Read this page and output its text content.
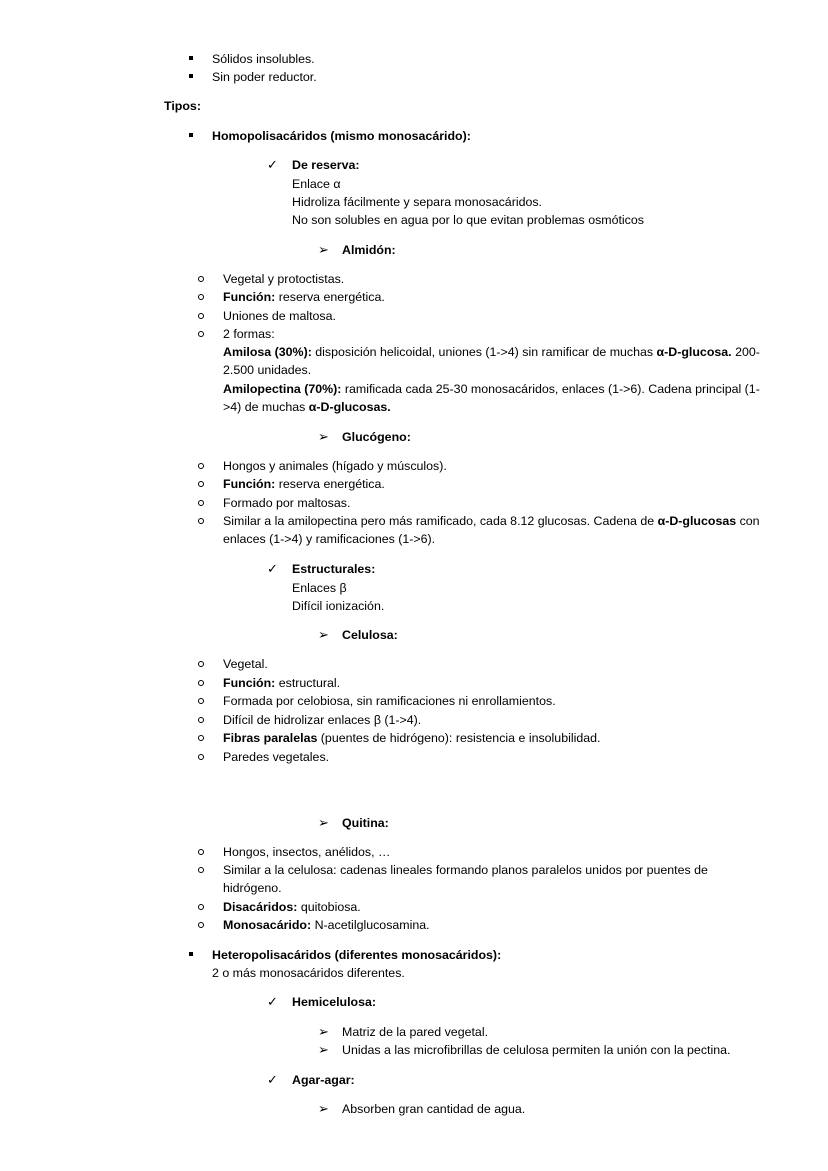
Sólidos insolubles.
Sin poder reductor.
Tipos:
Homopolisacáridos (mismo monosacárido):
✓ De reserva:
Enlace α
Hidroliza fácilmente y separa monosacáridos.
No son solubles en agua por lo que evitan problemas osmóticos
➢ Almidón:
Vegetal y protoctistas.
Función: reserva energética.
Uniones de maltosa.
2 formas:
Amilosa (30%): disposición helicoidal, uniones (1->4) sin ramificar de muchas α-D-glucosa. 200-2.500 unidades.
Amilopectina (70%): ramificada cada 25-30 monosacáridos, enlaces (1->6). Cadena principal (1->4) de muchas α-D-glucosas.
➢ Glucógeno:
Hongos y animales (hígado y músculos).
Función: reserva energética.
Formado por maltosas.
Similar a la amilopectina pero más ramificado, cada 8.12 glucosas. Cadena de α-D-glucosas con enlaces (1->4) y ramificaciones (1->6).
✓ Estructurales:
Enlaces β
Difícil ionización.
➢ Celulosa:
Vegetal.
Función: estructural.
Formada por celobiosa, sin ramificaciones ni enrollamientos.
Difícil de hidrolizar enlaces β (1->4).
Fibras paralelas (puentes de hidrógeno): resistencia e insolubilidad.
Paredes vegetales.
➢ Quitina:
Hongos, insectos, anélidos, …
Similar a la celulosa: cadenas lineales formando planos paralelos unidos por puentes de hidrógeno.
Disacáridos: quitobiosa.
Monosacárido: N-acetilglucosamina.
Heteropolisacáridos (diferentes monosacáridos):
2 o más monosacáridos diferentes.
✓ Hemicelulosa:
➢ Matriz de la pared vegetal.
➢ Unidas a las microfibrillas de celulosa permiten la unión con la pectina.
✓ Agar-agar:
➢ Absorben gran cantidad de agua.
